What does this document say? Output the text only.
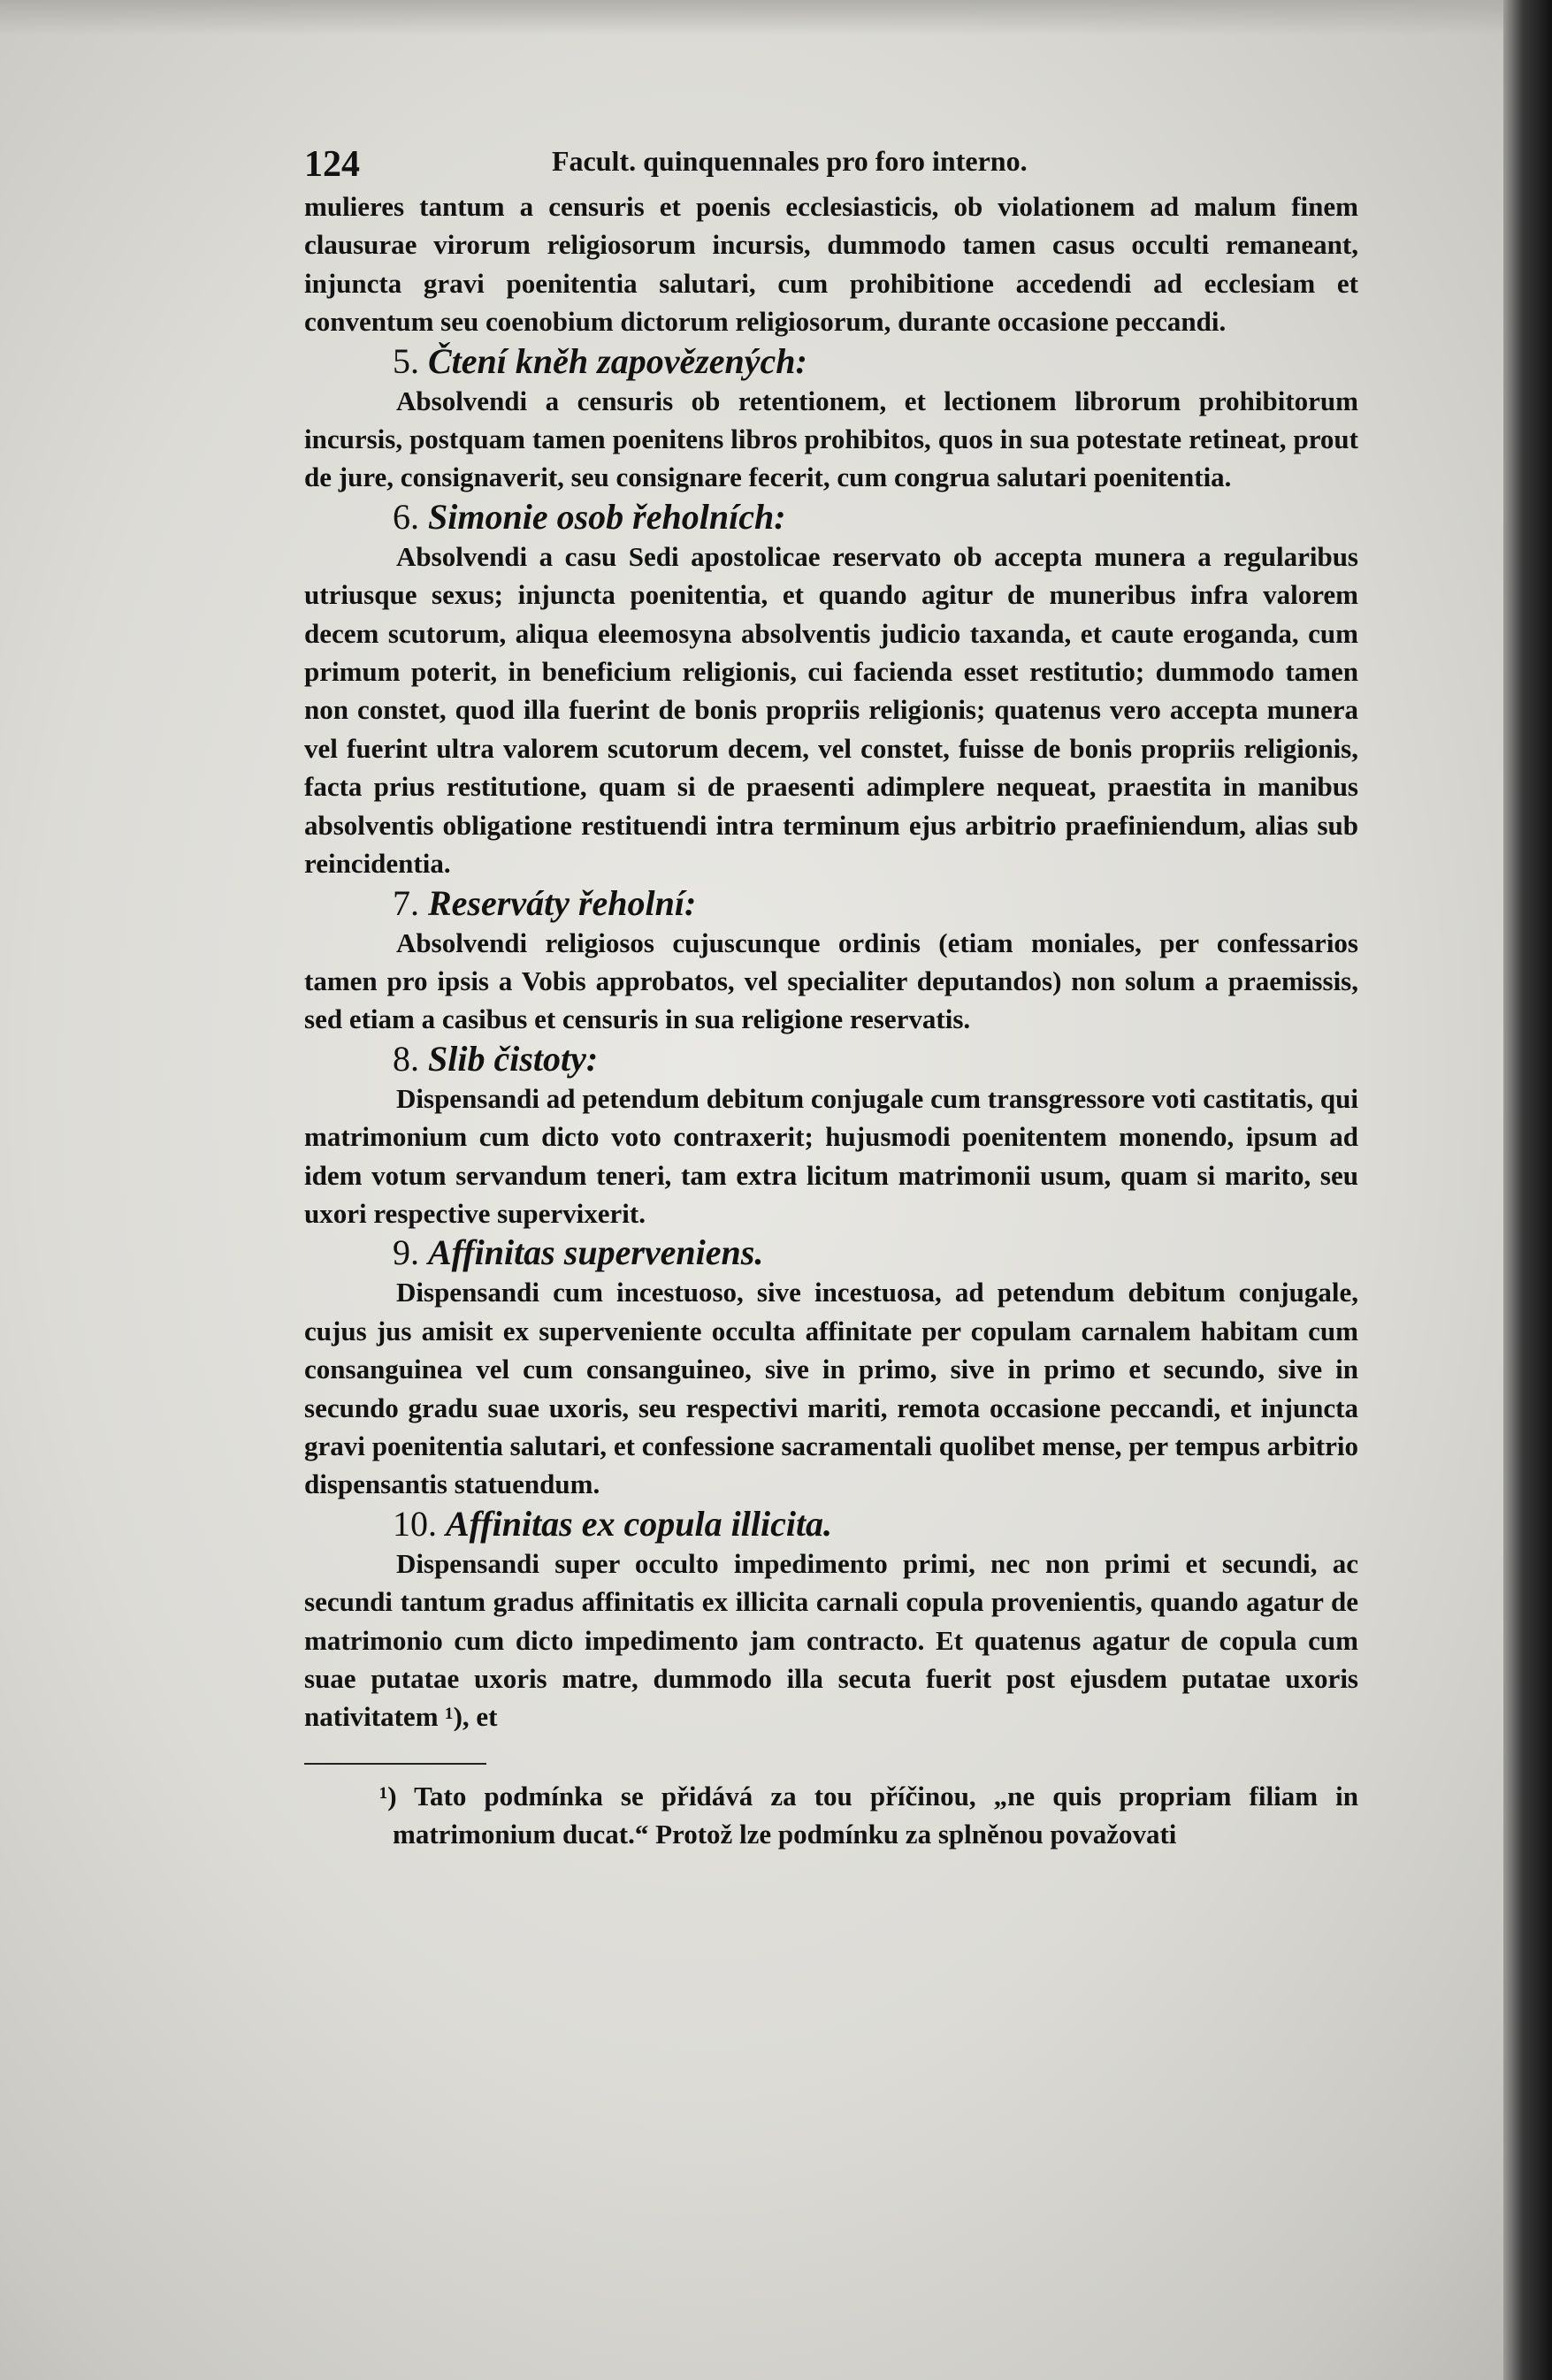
124	Facult. quinquennales pro foro interno.

mulieres tantum a censuris et poenis ecclesiasticis, ob violationem ad malum finem clausurae virorum religiosorum incursis, dummodo tamen casus occulti remaneant, injuncta gravi poenitentia salutari, cum prohibitione accedendi ad ecclesiam et conventum seu coenobium dictorum religiosorum, durante occasione peccandi.

5. Čtení kněh zapovězených:

Absolvendi a censuris ob retentionem, et lectionem librorum prohibitorum incursis, postquam tamen poenitens libros prohibitos, quos in sua potestate retineat, prout de jure, consignaverit, seu consignare fecerit, cum congrua salutari poenitentia.

6. Simonie osob řeholních:

Absolvendi a casu Sedi apostolicae reservato ob accepta munera a regularibus utriusque sexus; injuncta poenitentia, et quando agitur de muneribus infra valorem decem scutorum, aliqua eleemosyna absolventis judicio taxanda, et caute eroganda, cum primum poterit, in beneficium religionis, cui facienda esset restitutio; dummodo tamen non constet, quod illa fuerint de bonis propriis religionis; quatenus vero accepta munera vel fuerint ultra valorem scutorum decem, vel constet, fuisse de bonis propriis religionis, facta prius restitutione, quam si de praesenti adimplere nequeat, praestita in manibus absolventis obligatione restituendi intra terminum ejus arbitrio praefiniendum, alias sub reincidentia.

7. Reserváty řeholní:

Absolvendi religiosos cujuscunque ordinis (etiam moniales, per confessarios tamen pro ipsis a Vobis approbatos, vel specialiter deputandos) non solum a praemissis, sed etiam a casibus et censuris in sua religione reservatis.

8. Slib čistoty:

Dispensandi ad petendum debitum conjugale cum transgressore voti castitatis, qui matrimonium cum dicto voto contraxerit; hujusmodi poenitentem monendo, ipsum ad idem votum servandum teneri, tam extra licitum matrimonii usum, quam si marito, seu uxori respective supervixerit.

9. Affinitas superveniens.

Dispensandi cum incestuoso, sive incestuosa, ad petendum debitum conjugale, cujus jus amisit ex superveniente occulta affinitate per copulam carnalem habitam cum consanguinea vel cum consanguineo, sive in primo, sive in primo et secundo, sive in secundo gradu suae uxoris, seu respectivi mariti, remota occasione peccandi, et injuncta gravi poenitentia salutari, et confessione sacramentali quolibet mense, per tempus arbitrio dispensantis statuendum.

10. Affinitas ex copula illicita.

Dispensandi super occulto impedimento primi, nec non primi et secundi, ac secundi tantum gradus affinitatis ex illicita carnali copula provenientis, quando agatur de matrimonio cum dicto impedimento jam contracto. Et quatenus agatur de copula cum suae putatae uxoris matre, dummodo illa secuta fuerit post ejusdem putatae uxoris nativitatem ¹), et

¹) Tato podmínka se přidává za tou příčinou, „ne quis propriam filiam in matrimonium ducat.“ Protož lze podmínku za splněnou považovati
